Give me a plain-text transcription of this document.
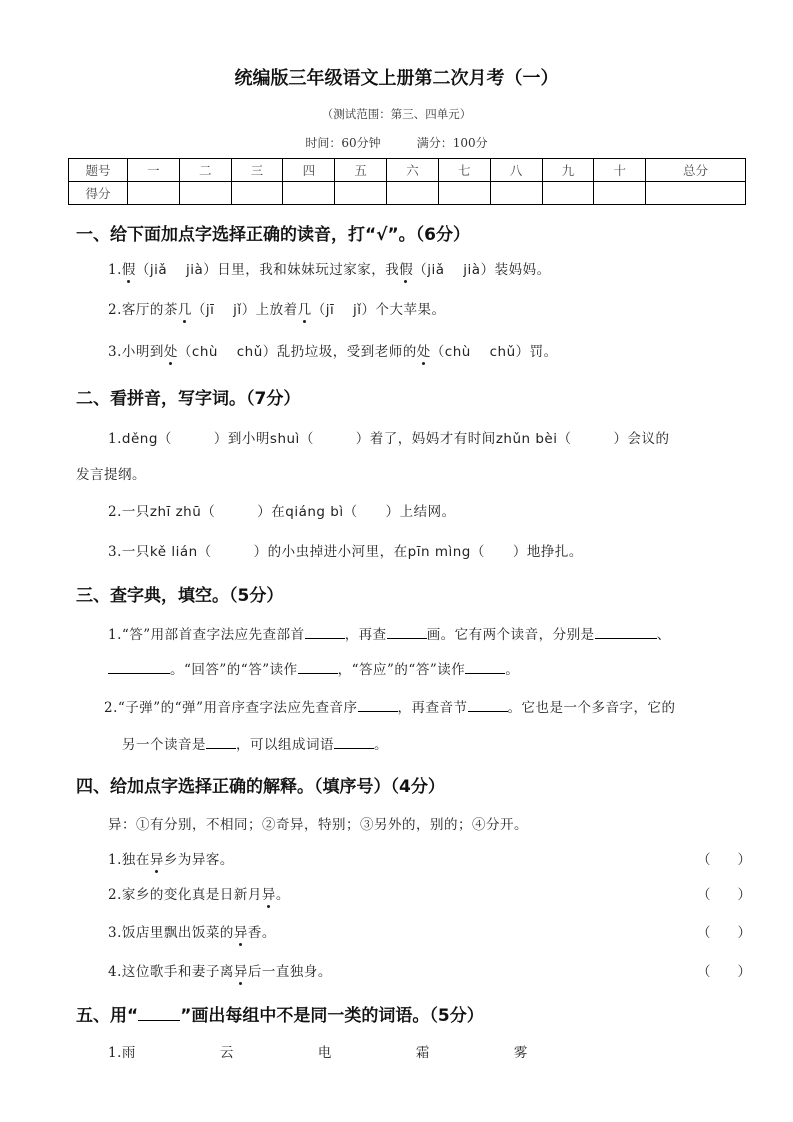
统编版三年级语文上册第二次月考（一）
（测试范围：第三、四单元）
时间：60分钟	满分：100分
题号	一	二	三	四	五	六	七	八	九	十	总分
得分											
一、给下面加点字选择正确的读音，打“√”。（6分）
二、看拼音，写字词。（7分）
三、查字典，填空。（5分）
四、给加点字选择正确的解释。（填序号）（4分）
五、用“ ”画出每组中不是同一类的词语。（5分）
1.假（jiǎ　 jià）日里，我和妹妹玩过家家，我假（jiǎ　 jià）装妈妈。
2.客厅的茶几（jī　 jǐ）上放着几（jī　 jǐ）个大苹果。
3.小明到处（chù　 chǔ）乱扔垃圾，受到老师的处（chù　 chǔ）罚。
1.děng（　　　）到小明shuì（　　　）着了，妈妈才有时间zhǔn bèi（　　　）会议的
发言提纲。
2.一只zhī zhū（　　　）在qiáng bì（　　）上结网。
3.一只kě lián（　　　）的小虫掉进小河里，在pīn mìng（　　）地挣扎。
1.“答”用部首查字法应先查部首	，再查	画。它有两个读音，分别是	、
。“回答”的“答”读作	，“答应”的“答”读作	。
2.“子弹”的“弹”用音序查字法应先查音序	，再查音节	。它也是一个多音字，它的
另一个读音是 ，可以组成词语	。
异：①有分别，不相同；②奇异，特别；③另外的，别的；④分开。
1.独在异乡为异客。	（　　）
2.家乡的变化真是日新月异。	（　　）
3.饭店里飘出饭菜的异香。	（　　）
4.这位歌手和妻子离异后一直独身。	（　　）
1.雨　　　　　　云　　　　　　电　　　　　　霜　　　　　　雾
